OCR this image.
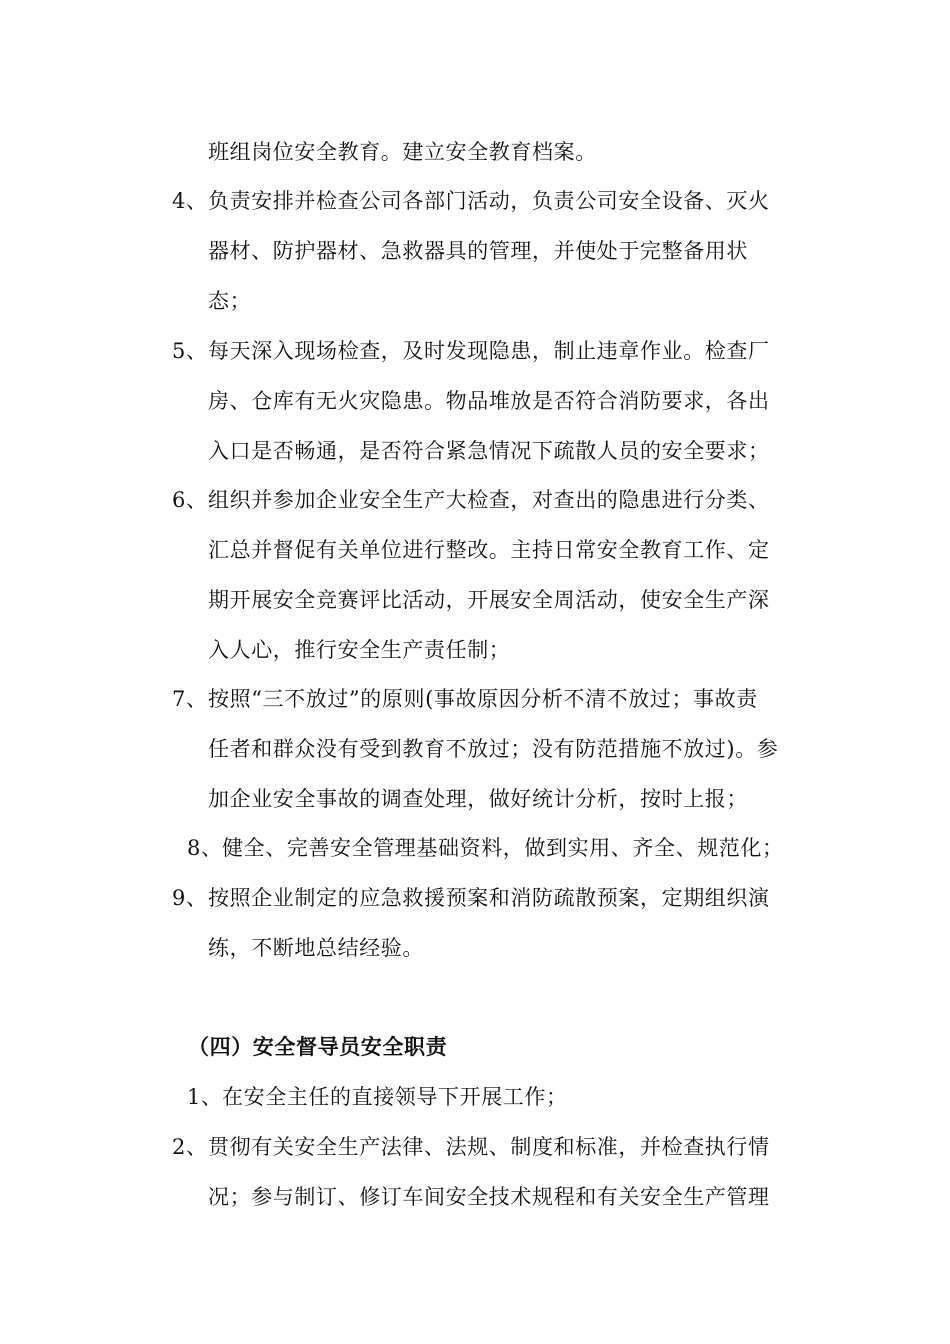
班组岗位安全教育。建立安全教育档案。
4、 负责安排并检查公司各部门活动，负责公司安全设备、灭火
器材、防护器材、急救器具的管理，并使处于完整备用状
态；
5、 每天深入现场检查，及时发现隐患，制止违章作业。检查厂
房、仓库有无火灾隐患。物品堆放是否符合消防要求，各出
入口是否畅通，是否符合紧急情况下疏散人员的安全要求；
6、 组织并参加企业安全生产大检查，对查出的隐患进行分类、
汇总并督促有关单位进行整改。主持日常安全教育工作、定
期开展安全竞赛评比活动，开展安全周活动，使安全生产深
入人心，推行安全生产责任制；
7、 按照“三不放过”的原则(事故原因分析不清不放过；事故责
任者和群众没有受到教育不放过；没有防范措施不放过)。参
加企业安全事故的调查处理，做好统计分析，按时上报；
8、 健全、完善安全管理基础资料，做到实用、齐全、规范化；
9、 按照企业制定的应急救援预案和消防疏散预案，定期组织演
练，不断地总结经验。
（四）安全督导员安全职责
1、 在安全主任的直接领导下开展工作；
2、 贯彻有关安全生产法律、法规、制度和标准，并检查执行情
况；参与制订、修订车间安全技术规程和有关安全生产管理
